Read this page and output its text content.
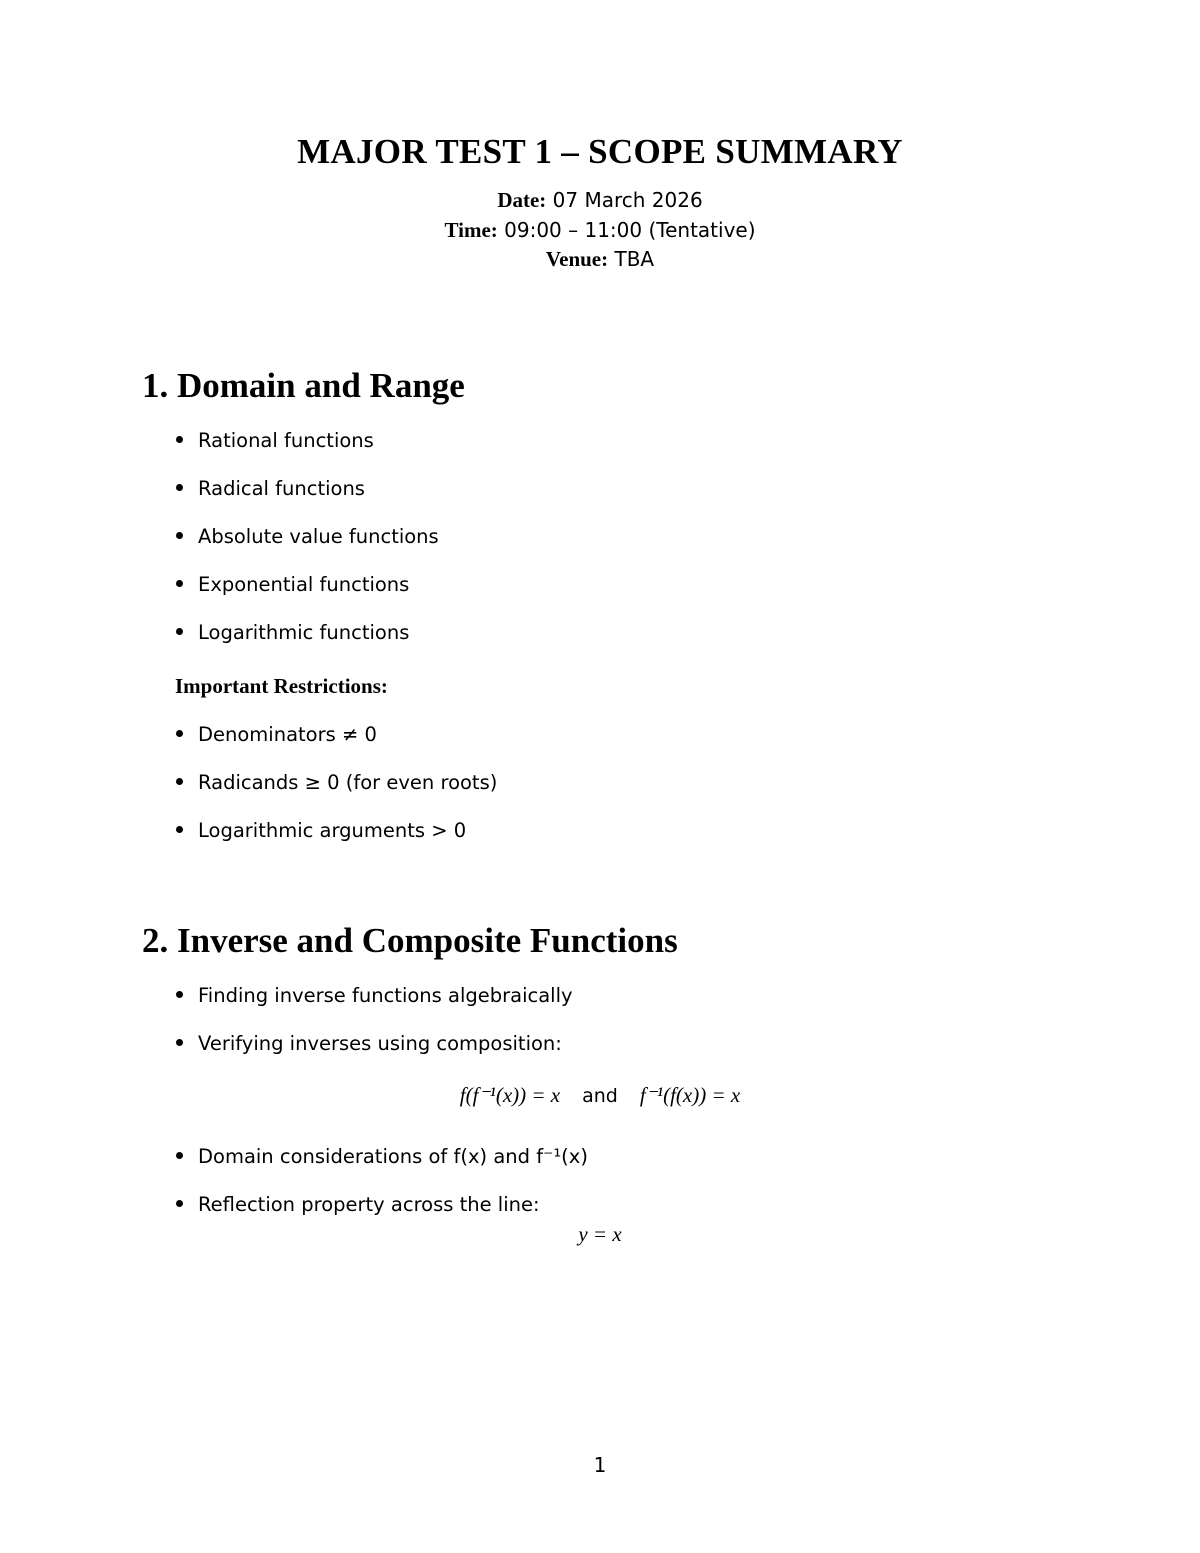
MAJOR TEST 1 – SCOPE SUMMARY
Date: 07 March 2026
Time: 09:00 – 11:00 (Tentative)
Venue: TBA
1. Domain and Range
Rational functions
Radical functions
Absolute value functions
Exponential functions
Logarithmic functions
Important Restrictions:
Denominators ≠ 0
Radicands ≥ 0 (for even roots)
Logarithmic arguments > 0
2. Inverse and Composite Functions
Finding inverse functions algebraically
Verifying inverses using composition:
f(f⁻¹(x)) = x and f⁻¹(f(x)) = x
Domain considerations of f(x) and f⁻¹(x)
Reflection property across the line:
y = x
1
